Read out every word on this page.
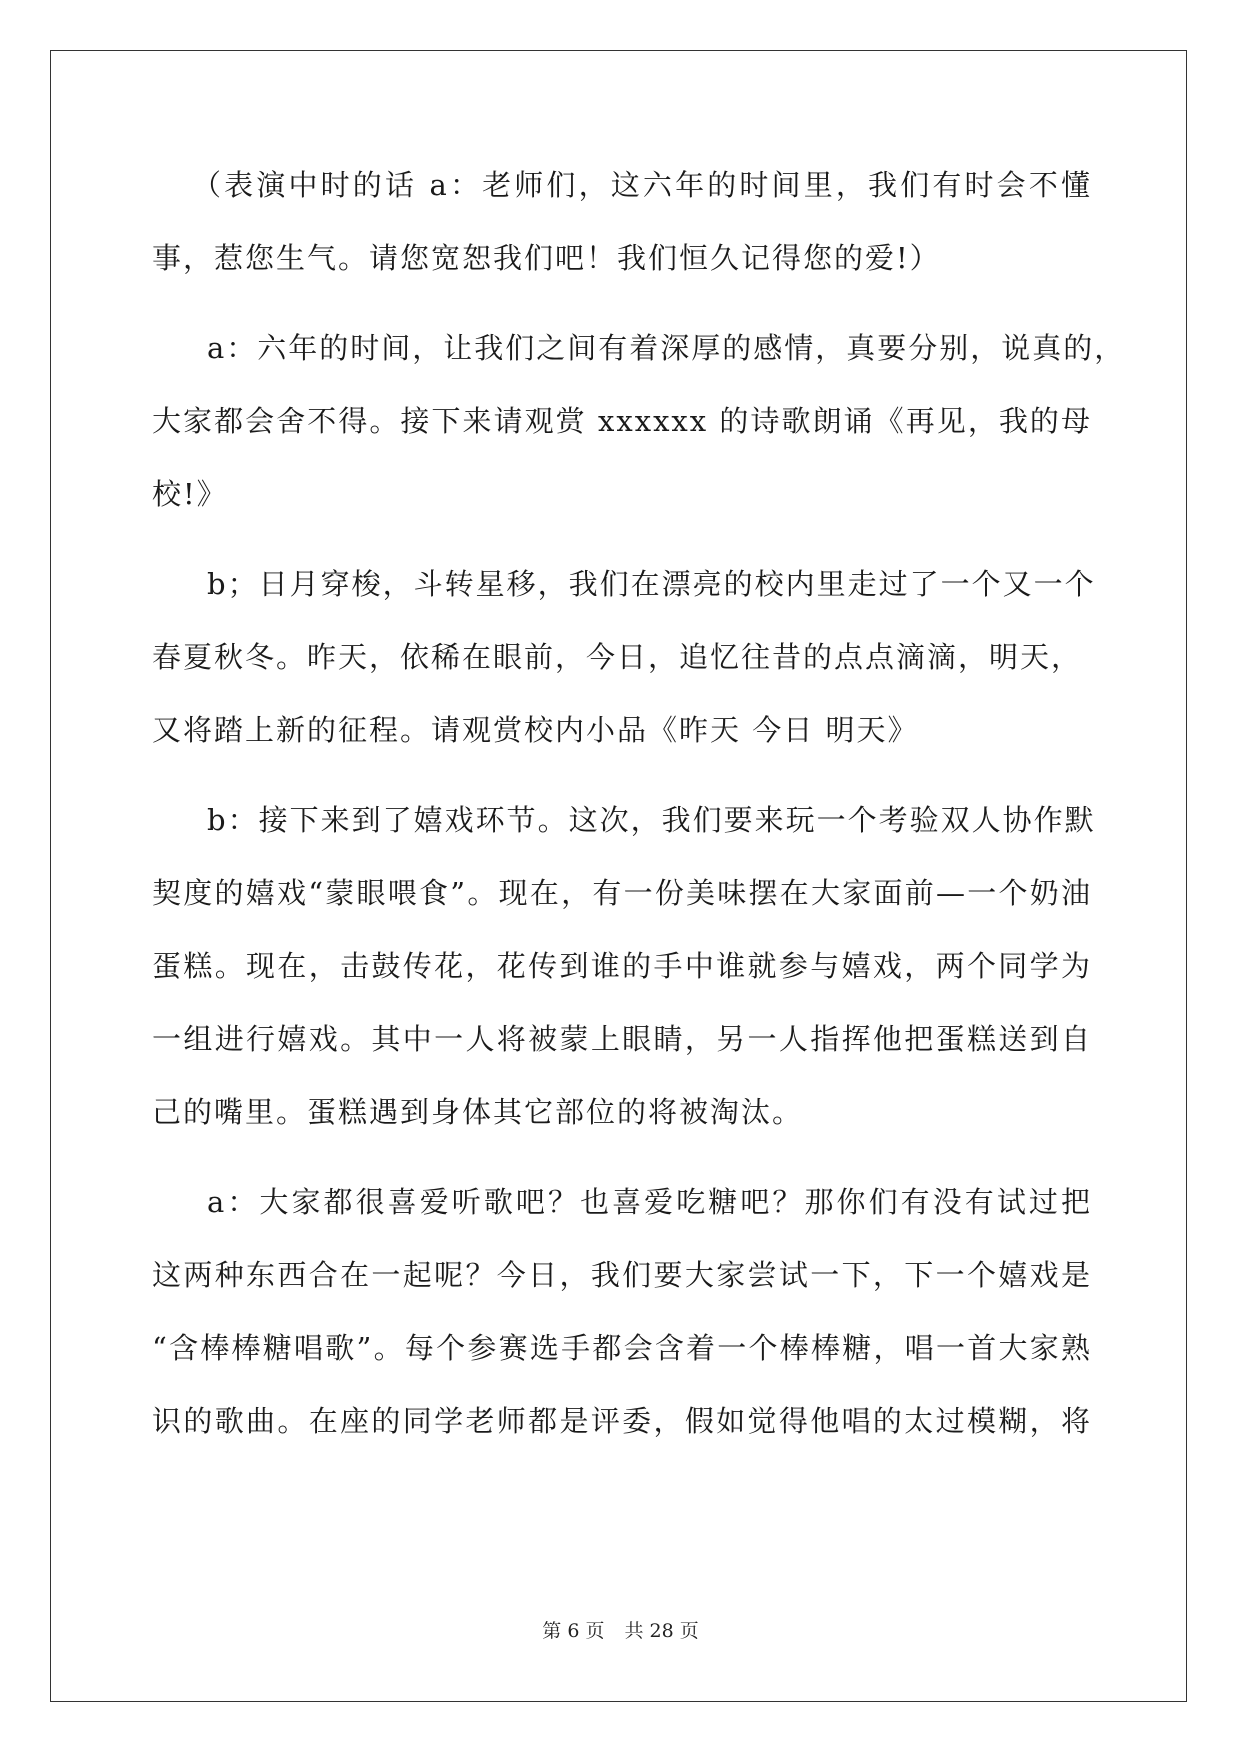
（表演中时的话 a：老师们，这六年的时间里，我们有时会不懂
事，惹您生气。请您宽恕我们吧！我们恒久记得您的爱!）
a：六年的时间，让我们之间有着深厚的感情，真要分别，说真的，
大家都会舍不得。接下来请观赏 xxxxxx 的诗歌朗诵《再见，我的母
校!》
b；日月穿梭，斗转星移，我们在漂亮的校内里走过了一个又一个
春夏秋冬。昨天，依稀在眼前，今日，追忆往昔的点点滴滴，明天，
又将踏上新的征程。请观赏校内小品《昨天 今日 明天》
b：接下来到了嬉戏环节。这次，我们要来玩一个考验双人协作默
契度的嬉戏“蒙眼喂食”。现在，有一份美味摆在大家面前—一个奶油
蛋糕。现在，击鼓传花，花传到谁的手中谁就参与嬉戏，两个同学为
一组进行嬉戏。其中一人将被蒙上眼睛，另一人指挥他把蛋糕送到自
己的嘴里。蛋糕遇到身体其它部位的将被淘汰。
a：大家都很喜爱听歌吧？也喜爱吃糖吧？那你们有没有试过把
这两种东西合在一起呢？今日，我们要大家尝试一下，下一个嬉戏是
“含棒棒糖唱歌”。每个参赛选手都会含着一个棒棒糖，唱一首大家熟
识的歌曲。在座的同学老师都是评委，假如觉得他唱的太过模糊，将
第 6 页 共 28 页
